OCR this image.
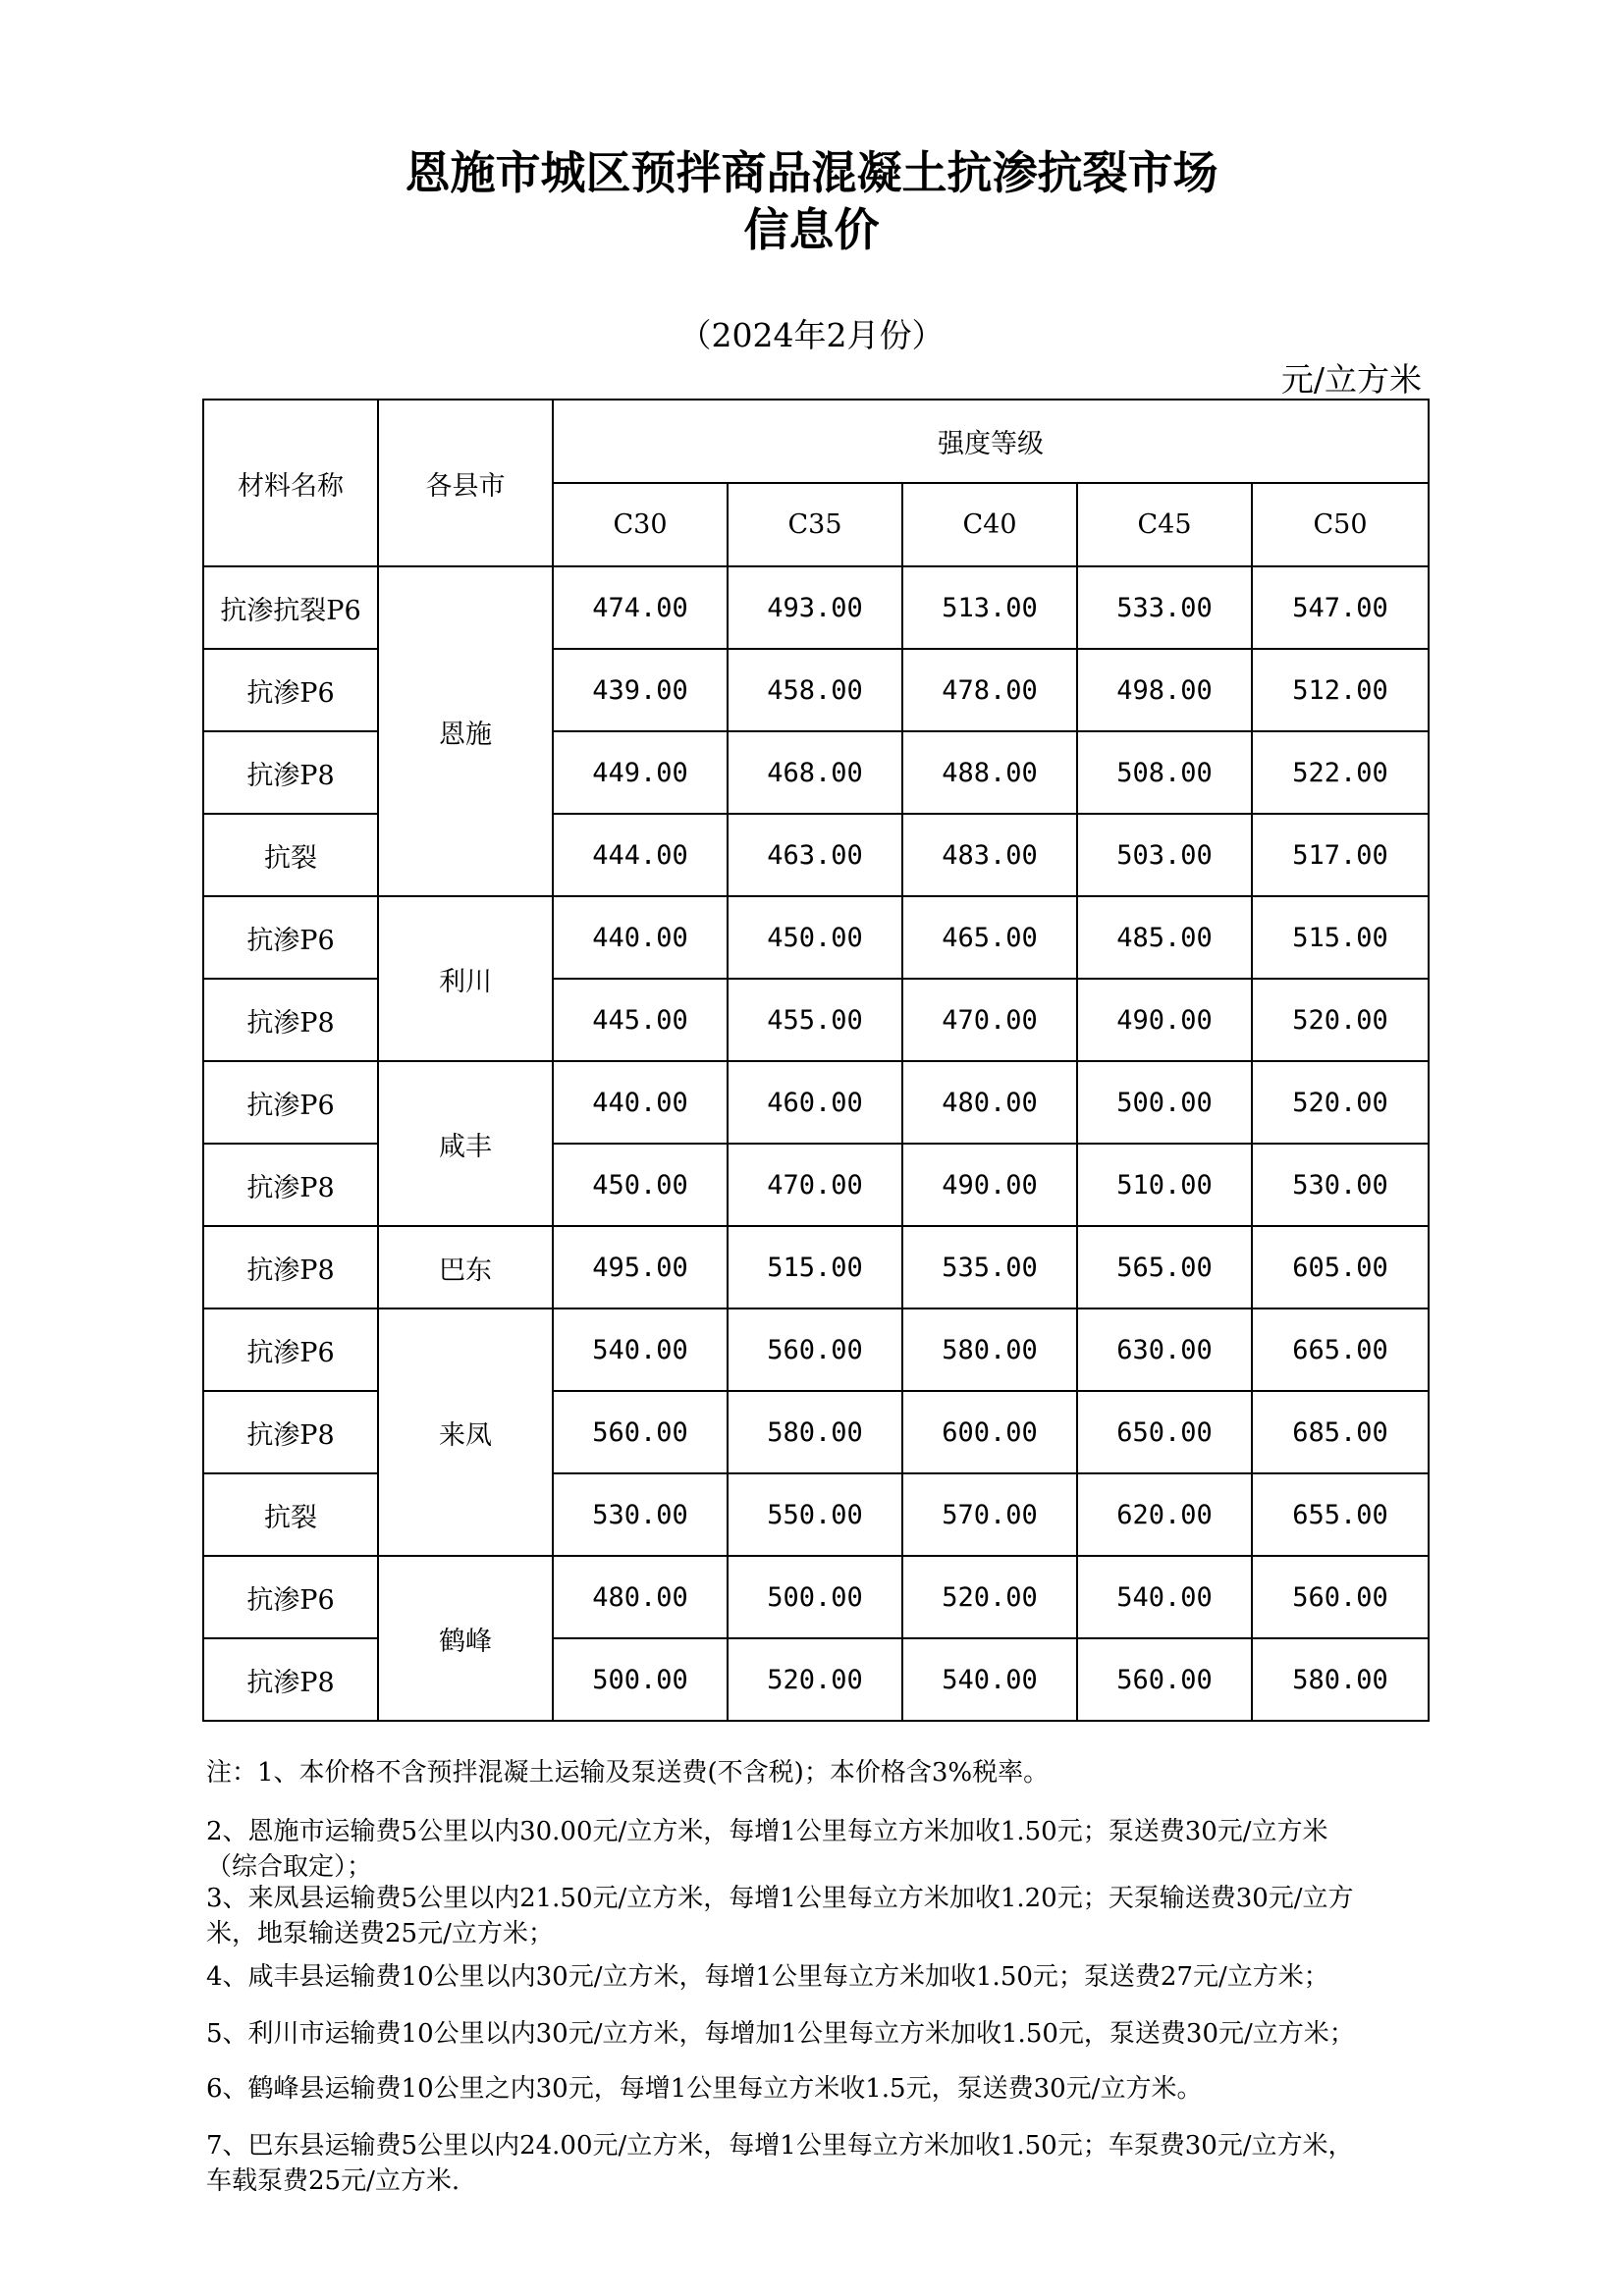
恩施市城区预拌商品混凝土抗渗抗裂市场
信息价
（2024年2月份）
元/立方米
材料名称	各县市	强度等级				
		C30	C35	C40	C45	C50
抗渗抗裂P6	恩施	474.00	493.00	513.00	533.00	547.00
抗渗P6		439.00	458.00	478.00	498.00	512.00
抗渗P8		449.00	468.00	488.00	508.00	522.00
抗裂		444.00	463.00	483.00	503.00	517.00
抗渗P6	利川	440.00	450.00	465.00	485.00	515.00
抗渗P8		445.00	455.00	470.00	490.00	520.00
抗渗P6	咸丰	440.00	460.00	480.00	500.00	520.00
抗渗P8		450.00	470.00	490.00	510.00	530.00
抗渗P8	巴东	495.00	515.00	535.00	565.00	605.00
抗渗P6	来凤	540.00	560.00	580.00	630.00	665.00
抗渗P8		560.00	580.00	600.00	650.00	685.00
抗裂		530.00	550.00	570.00	620.00	655.00
抗渗P6	鹤峰	480.00	500.00	520.00	540.00	560.00
抗渗P8		500.00	520.00	540.00	560.00	580.00
注：1、本价格不含预拌混凝土运输及泵送费(不含税)；本价格含3%税率。
2、恩施市运输费5公里以内30.00元/立方米，每增1公里每立方米加收1.50元；泵送费30元/立方米
（综合取定）；
3、来凤县运输费5公里以内21.50元/立方米，每增1公里每立方米加收1.20元；天泵输送费30元/立方
米，地泵输送费25元/立方米；
4、咸丰县运输费10公里以内30元/立方米，每增1公里每立方米加收1.50元；泵送费27元/立方米；
5、利川市运输费10公里以内30元/立方米，每增加1公里每立方米加收1.50元，泵送费30元/立方米；
6、鹤峰县运输费10公里之内30元，每增1公里每立方米收1.5元，泵送费30元/立方米。
7、巴东县运输费5公里以内24.00元/立方米，每增1公里每立方米加收1.50元；车泵费30元/立方米，
车载泵费25元/立方米.
